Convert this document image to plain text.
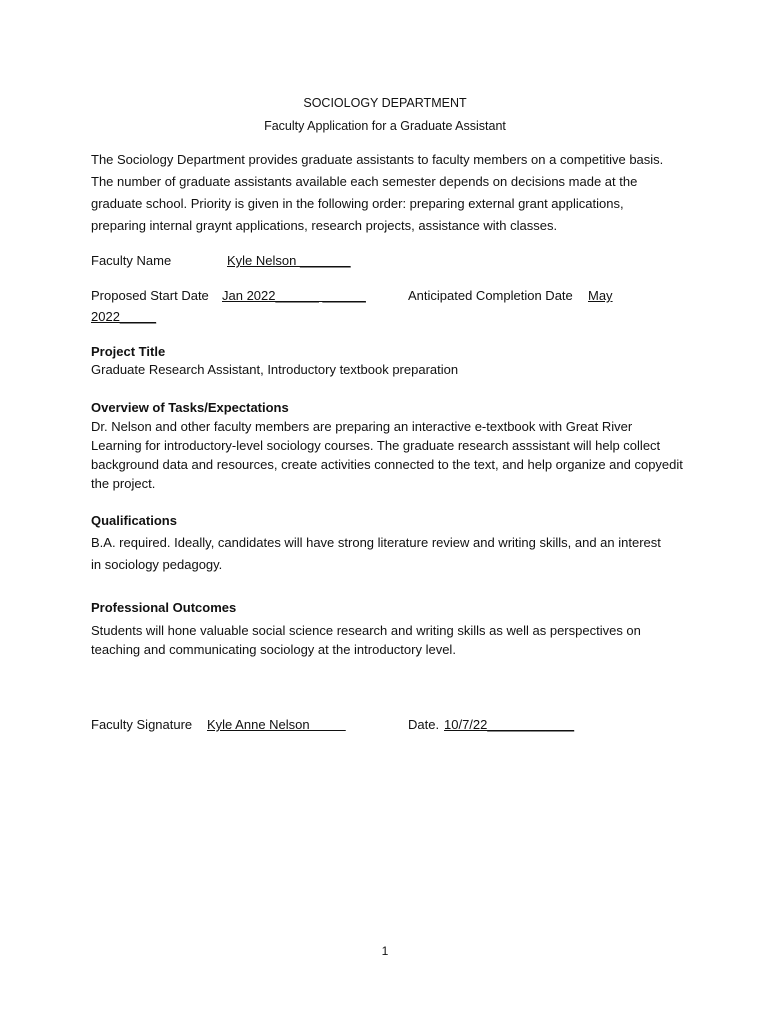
SOCIOLOGY DEPARTMENT
Faculty Application for a Graduate Assistant
The Sociology Department provides graduate assistants to faculty members on a competitive basis. The number of graduate assistants available each semester depends on decisions made at the graduate school. Priority is given in the following order: preparing external grant applications, preparing internal graynt applications, research projects, assistance with classes.
Faculty Name	Kyle Nelson _______
Proposed Start Date Jan 2022______ ______	Anticipated Completion Date May
2022_____
Project Title
Graduate Research Assistant, Introductory textbook preparation
Overview of Tasks/Expectations
Dr. Nelson and other faculty members are preparing an interactive e-textbook with Great River Learning for introductory-level sociology courses. The graduate research asssistant will help collect background data and resources, create activities connected to the text, and help organize and copyedit the project.
Qualifications
B.A. required. Ideally, candidates will have strong literature review and writing skills, and an interest in sociology pedagogy.
Professional Outcomes
Students will hone valuable social science research and writing skills as well as perspectives on teaching and communicating sociology at the introductory level.
Faculty Signature Kyle Anne Nelson	Date. 10/7/22____________
1
